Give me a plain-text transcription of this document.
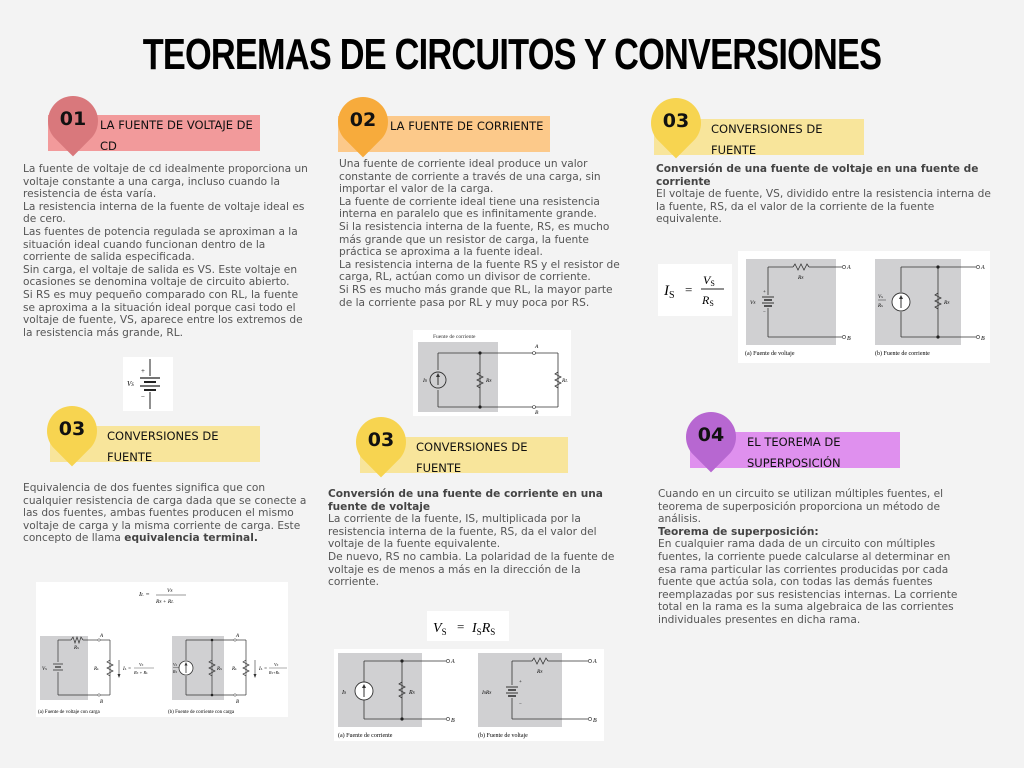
TEOREMAS DE CIRCUITOS Y CONVERSIONES
LA FUENTE DE VOLTAJE DE CD
01

La fuente de voltaje de cd idealmente proporciona un voltaje constante a una carga, incluso cuando la resistencia de ésta varía.

La resistencia interna de la fuente de voltaje ideal es de cero.

Las fuentes de potencia regulada se aproximan a la situación ideal cuando funcionan dentro de la corriente de salida especificada.

Sin carga, el voltaje de salida es VS. Este voltaje en ocasiones se denomina voltaje de circuito abierto.

Si RS es muy pequeño comparado con RL, la fuente se aproxima a la situación ideal porque casi todo el voltaje de fuente, VS, aparece entre los extremos de la resistencia más grande, RL.

+
−
VS
LA FUENTE DE CORRIENTE
02

Una fuente de corriente ideal produce un valor constante de corriente a través de una carga, sin importar el valor de la carga.

La fuente de corriente ideal tiene una resistencia interna en paralelo que es infinitamente grande.

Si la resistencia interna de la fuente, RS, es mucho más grande que un resistor de carga, la fuente práctica se aproxima a la fuente ideal.

La resistencia interna de la fuente RS y el resistor de carga, RL, actúan como un divisor de corriente.

Si RS es mucho más grande que RL, la mayor parte de la corriente pasa por RL y muy poca por RS.

Fuente de corriente
IS	RS	RL
A
B
CONVERSIONES DE FUENTE
03

Conversión de una fuente de voltaje en una fuente de corriente

El voltaje de fuente, VS, dividido entre la resistencia interna de la fuente, RS, da el valor de la corriente de la fuente equivalente.

$I_S$ =
VS
RS	VS
+
−
RS
A
B
(a) Fuente de voltaje
VS
RS	RS
A
B
(b) Fuente de corriente
CONVERSIONES DE FUENTE
03

Equivalencia de dos fuentes significa que con cualquier resistencia de carga dada que se conecte a las dos fuentes, ambas fuentes producen el mismo voltaje de carga y la misma corriente de carga. Este concepto de llama equivalencia terminal.

IL =	VS
RS + RL
VS
RS
RL	IL =
VS
RS + RL
A
B
(a) Fuente de voltaje con carga
VS
RS	RS RL	IL =
VS
RS+RL
A
B
(b) Fuente de corriente con carga
CONVERSIONES DE FUENTE
03

Conversión de una fuente de corriente en una fuente de voltaje

La corriente de la fuente, IS, multiplicada por la resistencia interna de la fuente, RS, da el valor del voltaje de la fuente equivalente.

De nuevo, RS no cambia. La polaridad de la fuente de voltaje es de menos a más en la dirección de la corriente.

$V_S = I_SR_S$
IS	RS
A
B
(a) Fuente de corriente
+
−
ISRS
RS
A
B
(b) Fuente de voltaje
EL TEOREMA DE SUPERPOSICIÓN
04

Cuando en un circuito se utilizan múltiples fuentes, el teorema de superposición proporciona un método de análisis.

Teorema de superposición:

En cualquier rama dada de un circuito con múltiples fuentes, la corriente puede calcularse al determinar en esa rama particular las corrientes producidas por cada fuente que actúa sola, con todas las demás fuentes reemplazadas por sus resistencias internas. La corriente total en la rama es la suma algebraica de las corrientes individuales presentes en dicha rama.
